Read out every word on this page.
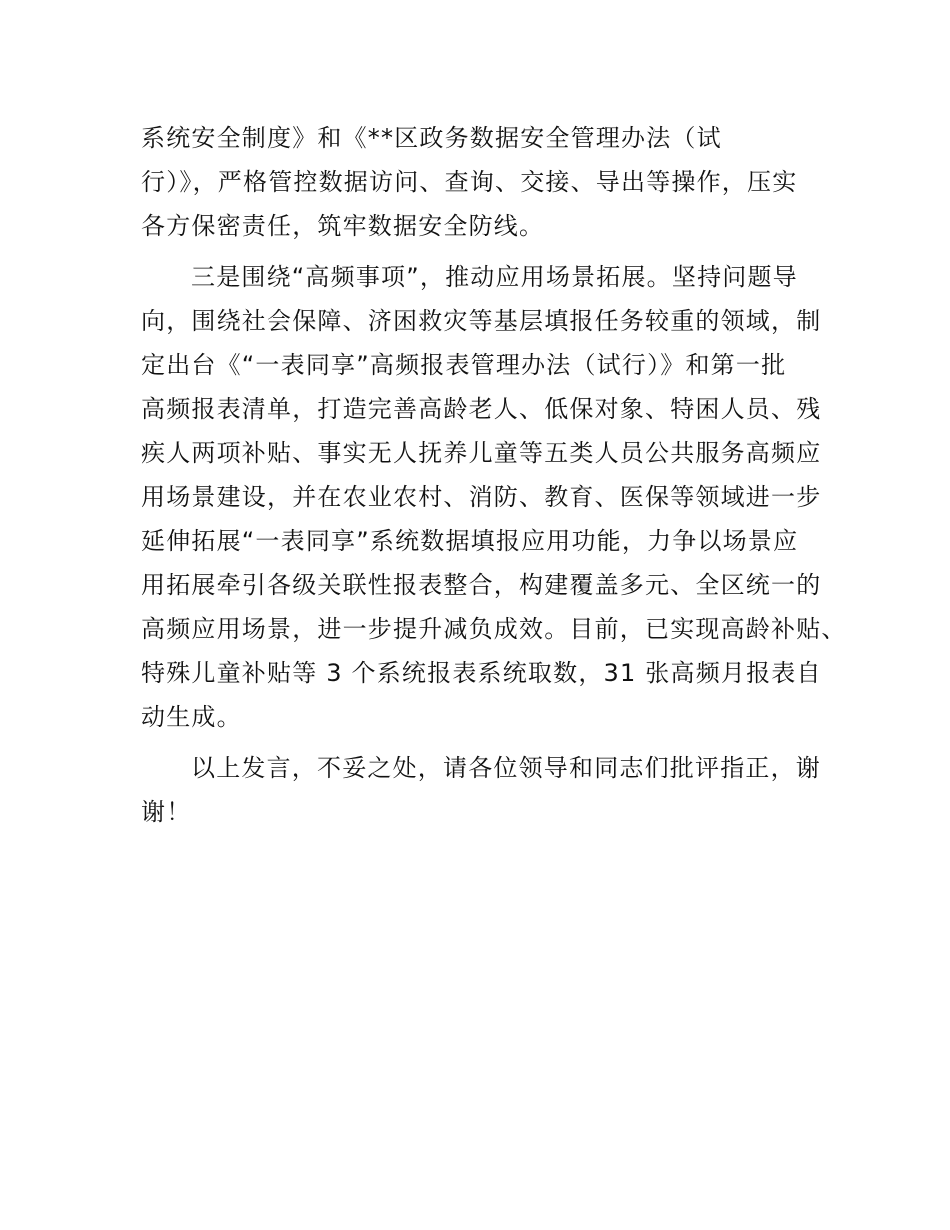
系统安全制度》和《**区政务数据安全管理办法（试
行）》，严格管控数据访问、查询、交接、导出等操作，压实
各方保密责任，筑牢数据安全防线。
三是围绕“高频事项”，推动应用场景拓展。坚持问题导
向，围绕社会保障、济困救灾等基层填报任务较重的领域，制
定出台《“一表同享”高频报表管理办法（试行）》和第一批
高频报表清单，打造完善高龄老人、低保对象、特困人员、残
疾人两项补贴、事实无人抚养儿童等五类人员公共服务高频应
用场景建设，并在农业农村、消防、教育、医保等领域进一步
延伸拓展“一表同享”系统数据填报应用功能，力争以场景应
用拓展牵引各级关联性报表整合，构建覆盖多元、全区统一的
高频应用场景，进一步提升减负成效。目前，已实现高龄补贴、
特殊儿童补贴等 3 个系统报表系统取数，31 张高频月报表自
动生成。
以上发言，不妥之处，请各位领导和同志们批评指正，谢
谢！
